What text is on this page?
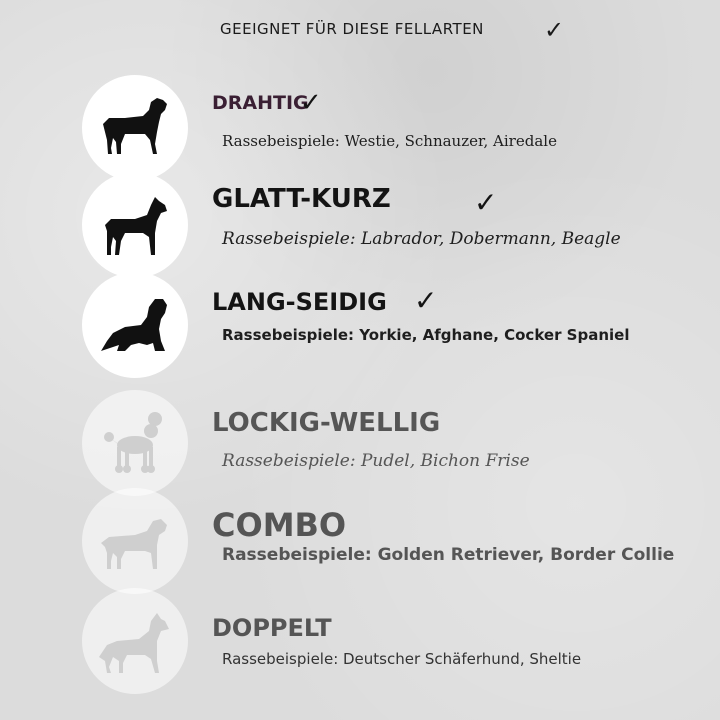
GEEIGNET FÜR DIESE FELLARTEN	✓
DRAHTIG
✓
Rassebeispiele: Westie, Schnauzer, Airedale
GLATT-KURZ	✓
Rassebeispiele: Labrador, Dobermann, Beagle
LANG-SEIDIG ✓
Rassebeispiele: Yorkie, Afghane, Cocker Spaniel
LOCKIG-WELLIG
Rassebeispiele: Pudel, Bichon Frise
COMBO
Rassebeispiele: Golden Retriever, Border Collie
DOPPELT
Rassebeispiele: Deutscher Schäferhund, Sheltie
